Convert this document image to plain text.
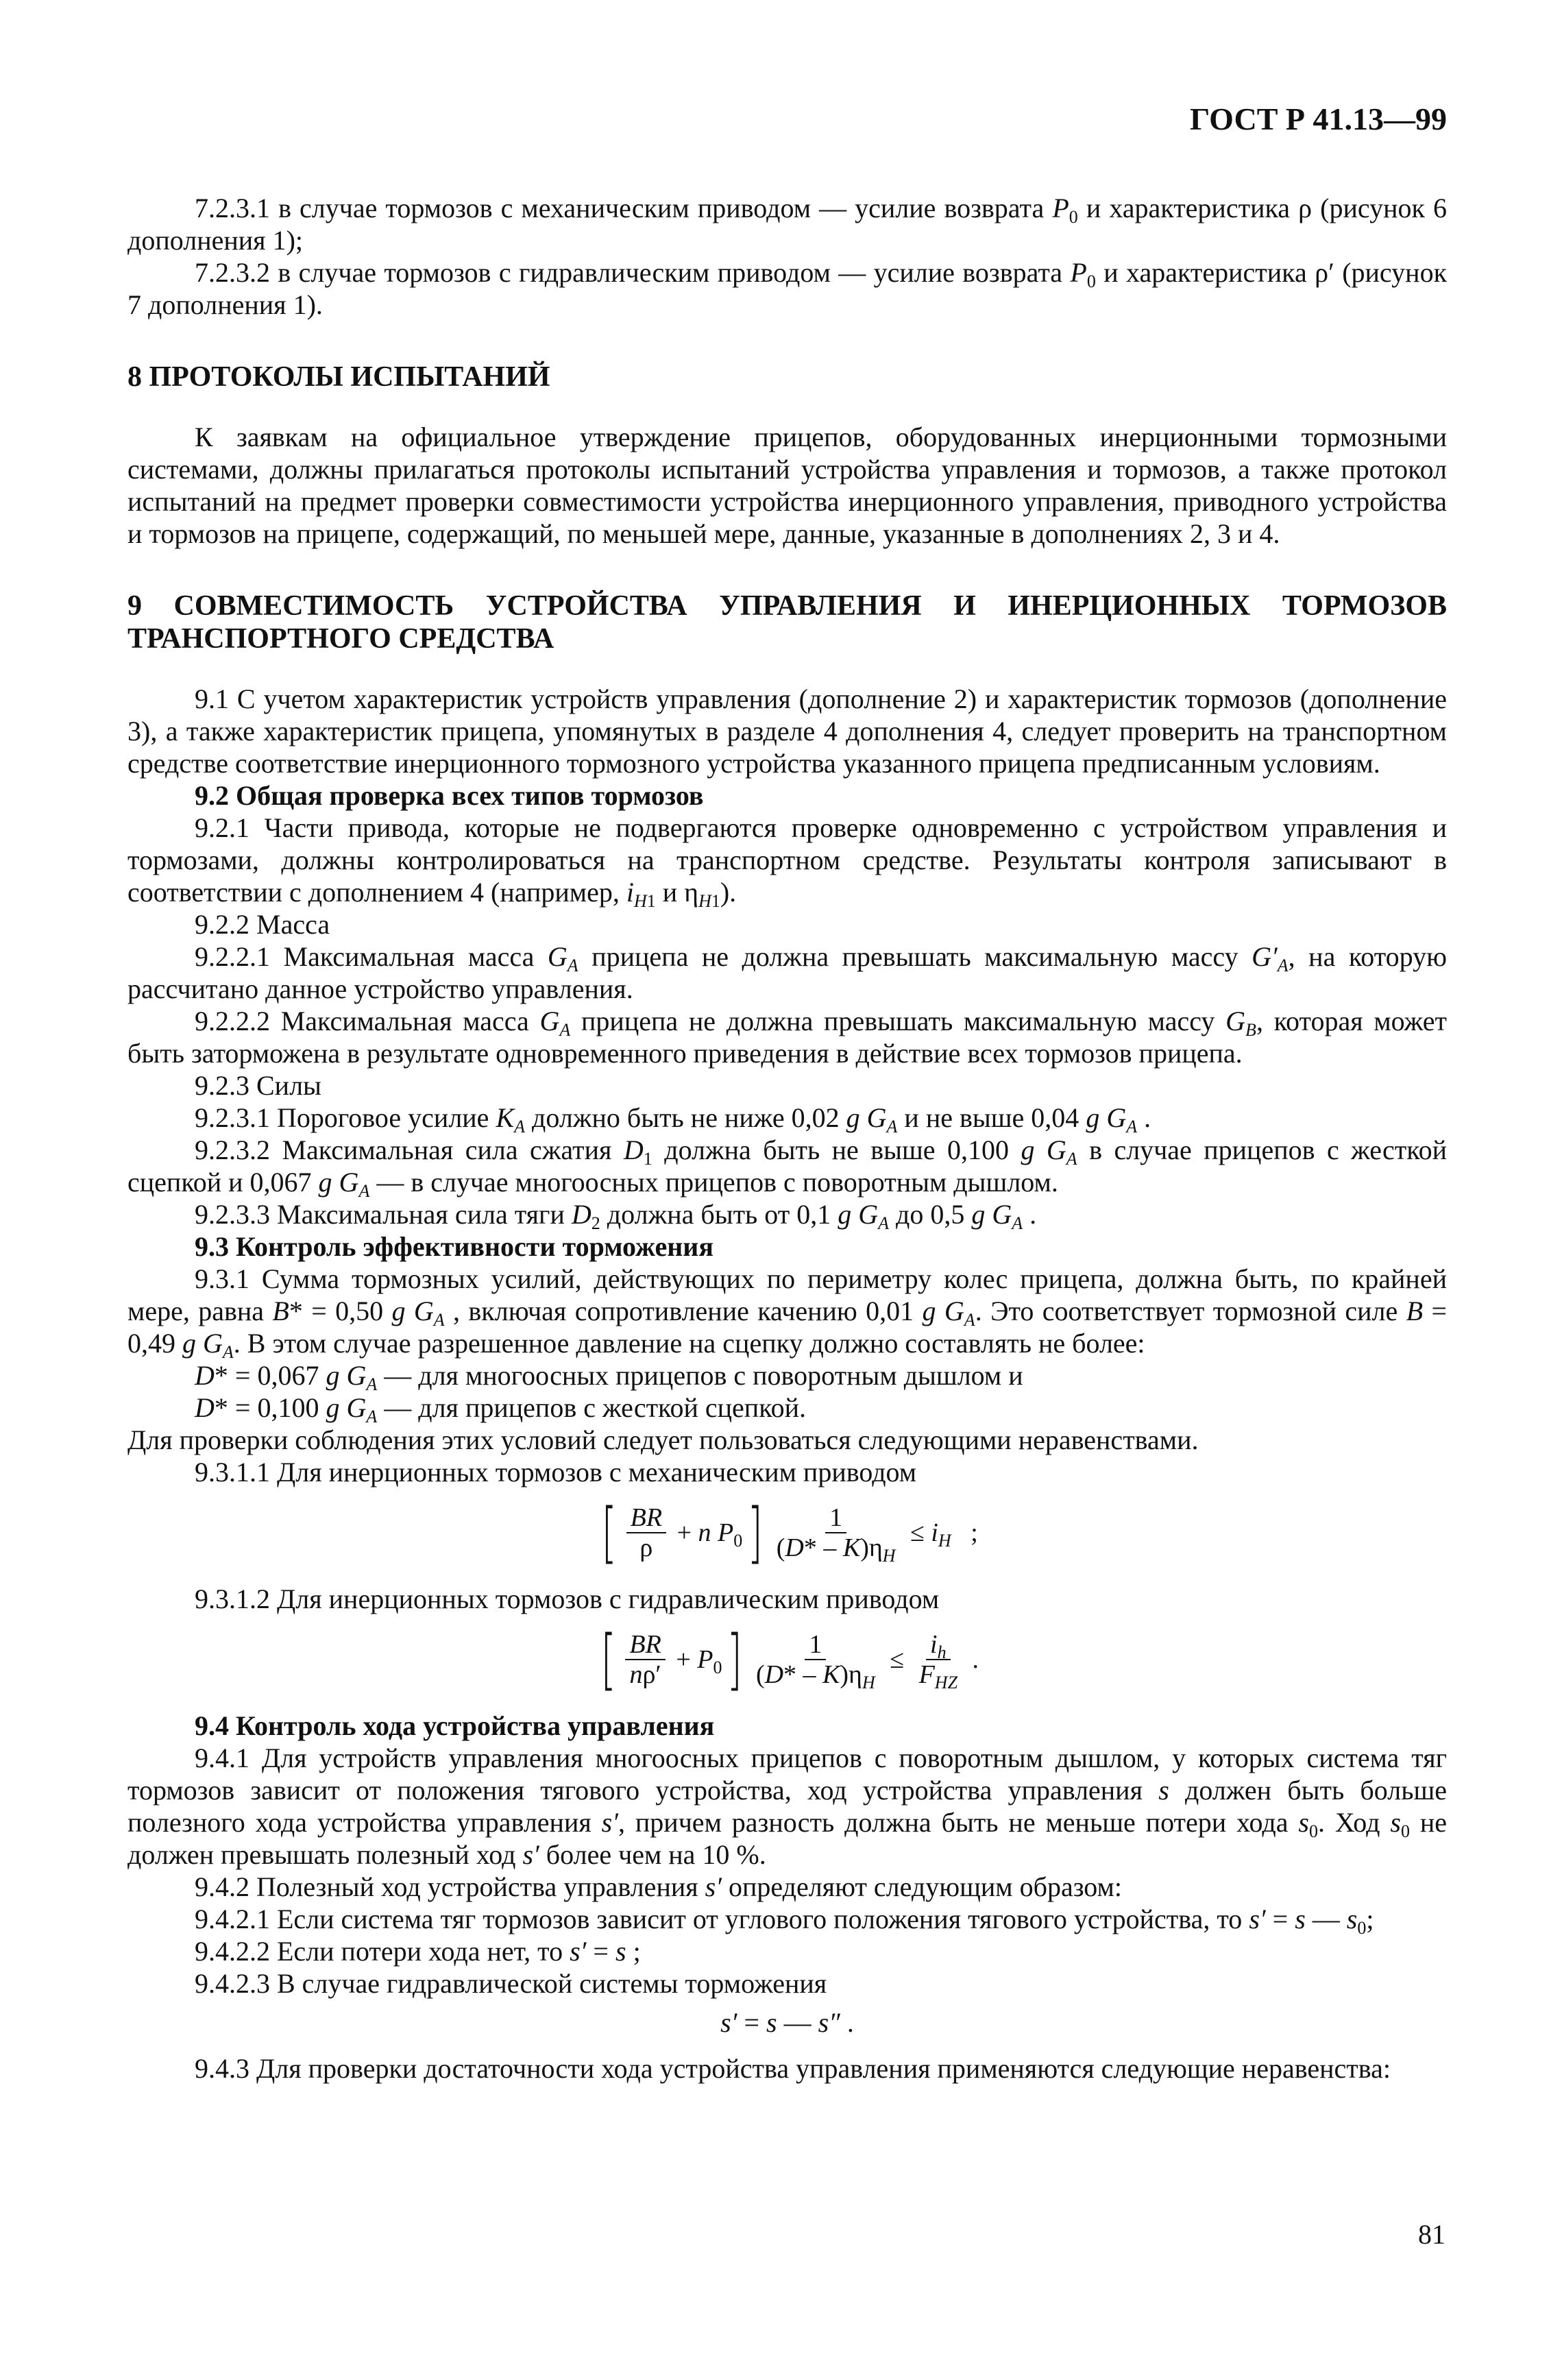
ГОСТ Р 41.13—99

7.2.3.1 в случае тормозов с механическим приводом — усилие возврата $P_0$ и характеристика ρ (рисунок 6 дополнения 1);

7.2.3.2 в случае тормозов с гидравлическим приводом — усилие возврата $P_0$ и характеристика ρ′ (рисунок 7 дополнения 1).

8 ПРОТОКОЛЫ ИСПЫТАНИЙ

К заявкам на официальное утверждение прицепов, оборудованных инерционными тормозными системами, должны прилагаться протоколы испытаний устройства управления и тормозов, а также протокол испытаний на предмет проверки совместимости устройства инерционного управления, приводного устройства и тормозов на прицепе, содержащий, по меньшей мере, данные, указанные в дополнениях 2, 3 и 4.

9 СОВМЕСТИМОСТЬ УСТРОЙСТВА УПРАВЛЕНИЯ И ИНЕРЦИОННЫХ ТОРМОЗОВ ТРАНСПОРТНОГО СРЕДСТВА

9.1 С учетом характеристик устройств управления (дополнение 2) и характеристик тормозов (дополнение 3), а также характеристик прицепа, упомянутых в разделе 4 дополнения 4, следует проверить на транспортном средстве соответствие инерционного тормозного устройства указанного прицепа предписанным условиям.

9.2 Общая проверка всех типов тормозов

9.2.1 Части привода, которые не подвергаются проверке одновременно с устройством управления и тормозами, должны контролироваться на транспортном средстве. Результаты контроля записывают в соответствии с дополнением 4 (например, $i_{H1}$ и $\eta_{H1}$).

9.2.2 Масса

9.2.2.1 Максимальная масса $G_A$ прицепа не должна превышать максимальную массу $G'_A$, на которую рассчитано данное устройство управления.

9.2.2.2 Максимальная масса $G_A$ прицепа не должна превышать максимальную массу $G_B$, которая может быть заторможена в результате одновременного приведения в действие всех тормозов прицепа.

9.2.3 Силы

9.2.3.1 Пороговое усилие $K_A$ должно быть не ниже 0,02 g $G_A$ и не выше 0,04 g $G_A$ .

9.2.3.2 Максимальная сила сжатия $D_1$ должна быть не выше 0,100 g $G_A$ в случае прицепов с жесткой сцепкой и 0,067 g $G_A$ — в случае многоосных прицепов с поворотным дышлом.

9.2.3.3 Максимальная сила тяги $D_2$ должна быть от 0,1 g $G_A$ до 0,5 g $G_A$ .

9.3 Контроль эффективности торможения

9.3.1 Сумма тормозных усилий, действующих по периметру колес прицепа, должна быть, по крайней мере, равна B* = 0,50 g $G_A$ , включая сопротивление качению 0,01 g $G_A$. Это соответствует тормозной силе B = 0,49 g $G_A$. В этом случае разрешенное давление на сцепку должно составлять не более:

D* = 0,067 g $G_A$ — для многоосных прицепов с поворотным дышлом и

D* = 0,100 g $G_A$ — для прицепов с жесткой сцепкой.

Для проверки соблюдения этих условий следует пользоваться следующими неравенствами.

9.3.1.1 Для инерционных тормозов с механическим приводом

[ $\frac{BR}{\rho} + n$ $P_0$ ] $\frac{1}{(D* - K)\eta_H} \le i_H$   ;

9.3.1.2 Для инерционных тормозов с гидравлическим приводом

[ $\frac{BR}{n\rho'} + P_0$ ] $\frac{1}{(D* - K)\eta_H} \le \frac{i_h}{F_{HZ}}$ .

9.4 Контроль хода устройства управления

9.4.1 Для устройств управления многоосных прицепов с поворотным дышлом, у которых система тяг тормозов зависит от положения тягового устройства, ход устройства управления s должен быть больше полезного хода устройства управления s′, причем разность должна быть не меньше потери хода $s_0$. Ход $s_0$ не должен превышать полезный ход s′ более чем на 10 %.

9.4.2 Полезный ход устройства управления s′ определяют следующим образом:

9.4.2.1 Если система тяг тормозов зависит от углового положения тягового устройства, то s′ = s — $s_0$;

9.4.2.2 Если потери хода нет, то s′ = s ;

9.4.2.3 В случае гидравлической системы торможения

s′ = s — s″ .

9.4.3 Для проверки достаточности хода устройства управления применяются следующие неравенства:

81
